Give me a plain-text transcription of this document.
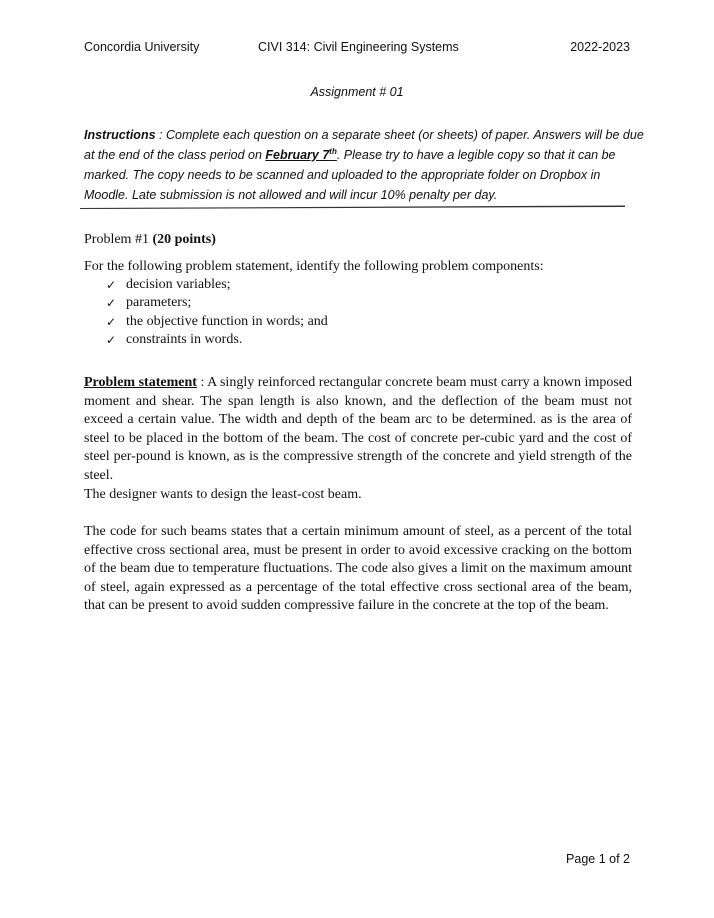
Concordia University	CIVI 314: Civil Engineering Systems	2022-2023
Assignment # 01
Instructions : Complete each question on a separate sheet (or sheets) of paper. Answers will be due at the end of the class period on February 7th. Please try to have a legible copy so that it can be marked. The copy needs to be scanned and uploaded to the appropriate folder on Dropbox in Moodle. Late submission is not allowed and will incur 10% penalty per day.
Problem #1 (20 points)
For the following problem statement, identify the following problem components:
✓ decision variables;
✓ parameters;
✓ the objective function in words; and
✓ constraints in words.
Problem statement : A singly reinforced rectangular concrete beam must carry a known imposed moment and shear. The span length is also known, and the deflection of the beam must not exceed a certain value. The width and depth of the beam arc to be determined. as is the area of steel to be placed in the bottom of the beam. The cost of concrete per-cubic yard and the cost of steel per-pound is known, as is the compressive strength of the concrete and yield strength of the steel.
The designer wants to design the least-cost beam.
The code for such beams states that a certain minimum amount of steel, as a percent of the total effective cross sectional area, must be present in order to avoid excessive cracking on the bottom of the beam due to temperature fluctuations. The code also gives a limit on the maximum amount of steel, again expressed as a percentage of the total effective cross sectional area of the beam, that can be present to avoid sudden compressive failure in the concrete at the top of the beam.
Page 1 of 2
